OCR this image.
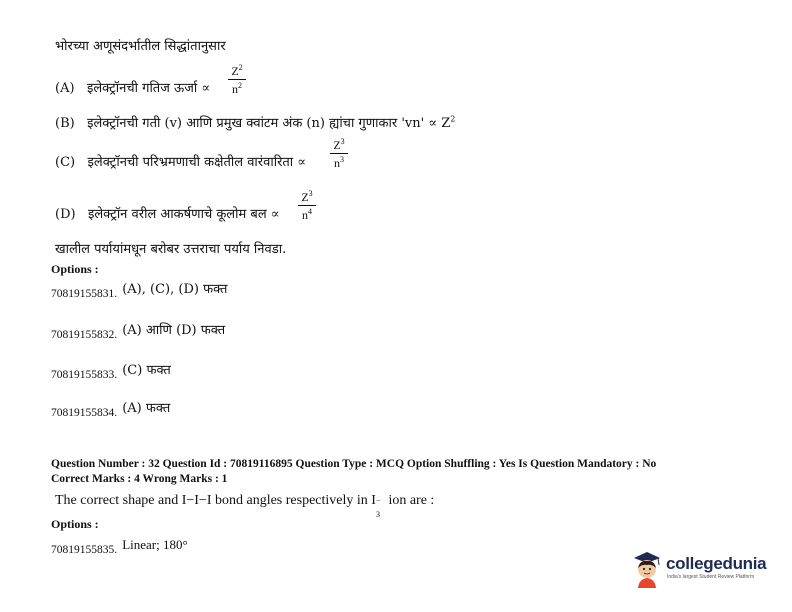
भोरच्या अणूसंदर्भातील सिद्धांतानुसार
(A) इलेक्ट्रॉनची गतिज ऊर्जा ∝
$Z^2$
$n^2$
(B) इलेक्ट्रॉनची गती (v) आणि प्रमुख क्वांटम अंक (n) ह्यांचा गुणाकार '$vn' \propto Z^2$
(C) इलेक्ट्रॉनची परिभ्रमणाची कक्षेतील वारंवारिता ∝
$Z^3$
$n^3$
(D) इलेक्ट्रॉन वरील आकर्षणाचे कूलोम बल ∝
$Z^3$
$n^4$
खालील पर्यायांमधून बरोबर उत्तराचा पर्याय निवडा.
Options :
70819155831. $^{(A), (C), (D) फक्त}$
70819155832. $^{(A) आणि (D) फक्त}$
70819155833. $^{(C) फक्त}$
70819155834. $^{(A) फक्त}$
Question Number : 32 Question Id : 70819116895 Question Type : MCQ Option Shuffling : Yes Is Question Mandatory : No
Correct Marks : 4 Wrong Marks : 1
The correct shape and I−I−I bond angles respectively in I −
3
ion are :
Options :
70819155835. $^{Linear; 180^\circ}$
collegedunia
India's largest Student Review Platform
